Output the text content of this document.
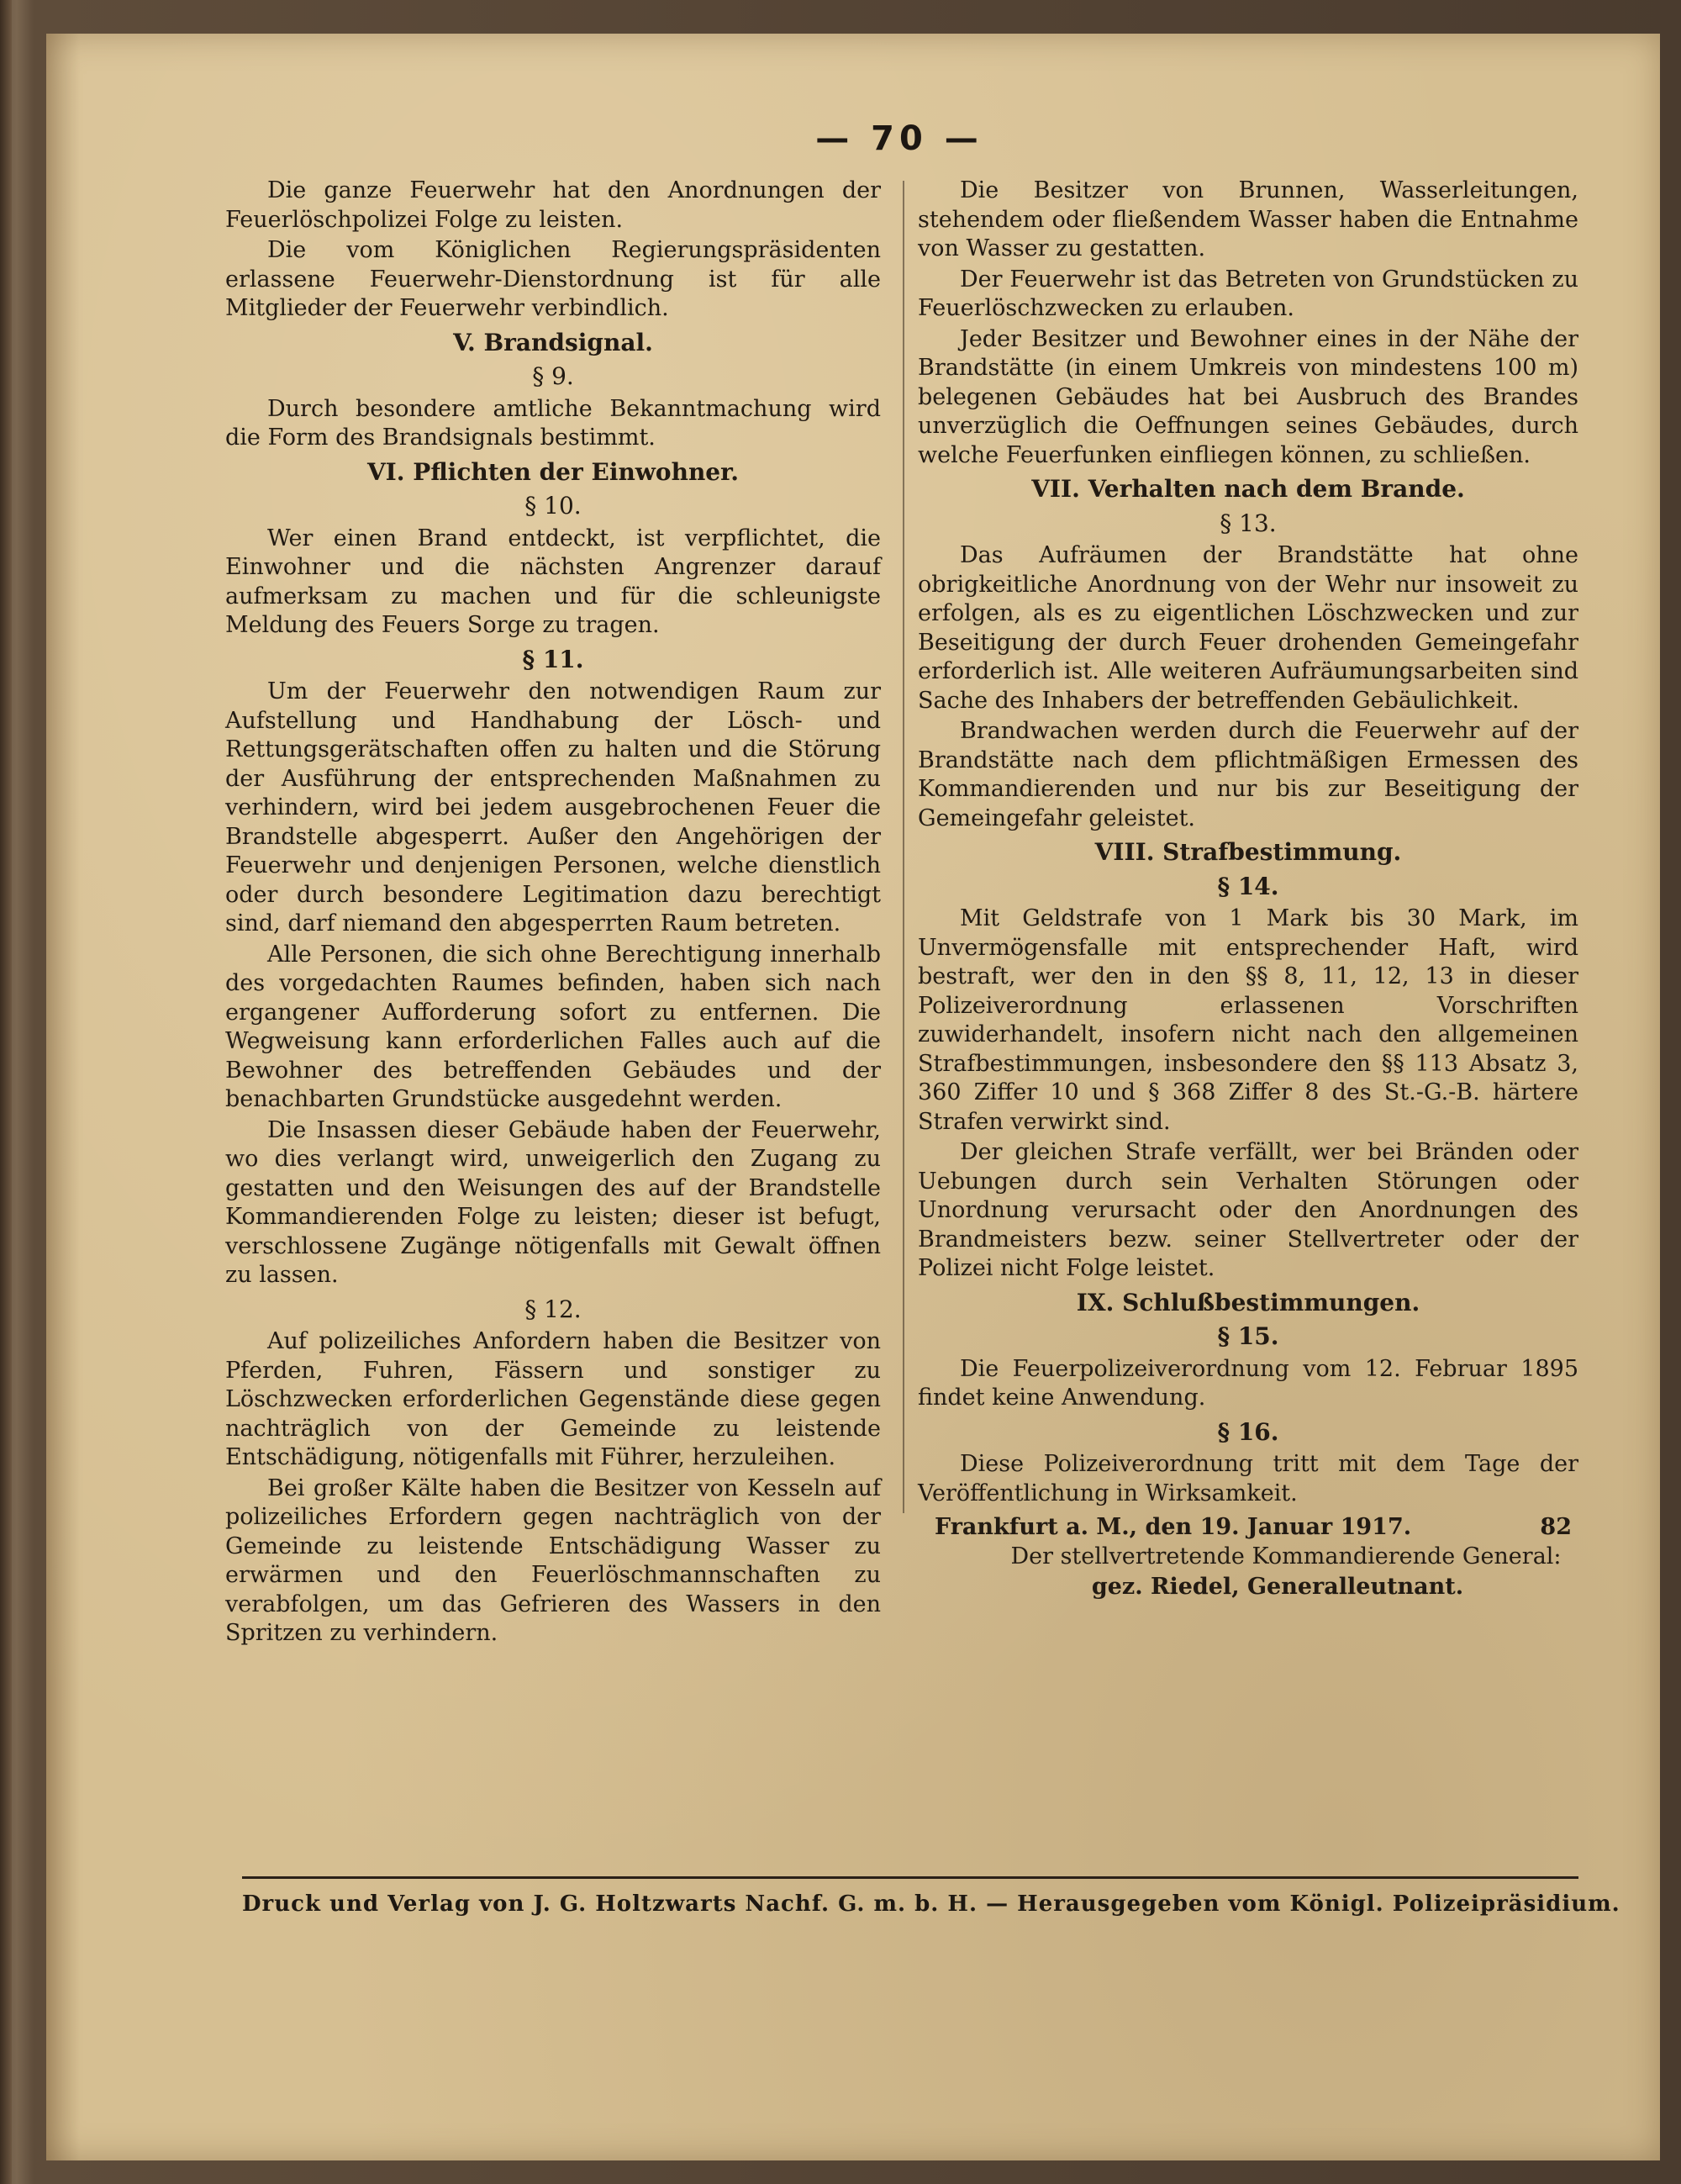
— 70 —

Die ganze Feuerwehr hat den Anordnungen der Feuerlöschpolizei Folge zu leisten.

Die vom Königlichen Regierungspräsidenten erlassene Feuerwehr-Dienstordnung ist für alle Mitglieder der Feuerwehr verbindlich.

V. Brandsignal.
§ 9.

Durch besondere amtliche Bekanntmachung wird die Form des Brandsignals bestimmt.

VI. Pflichten der Einwohner.
§ 10.

Wer einen Brand entdeckt, ist verpflichtet, die Einwohner und die nächsten Angrenzer darauf aufmerksam zu machen und für die schleunigste Meldung des Feuers Sorge zu tragen.

§ 11.

Um der Feuerwehr den notwendigen Raum zur Aufstellung und Handhabung der Lösch- und Rettungsgerätschaften offen zu halten und die Störung der Ausführung der entsprechenden Maßnahmen zu verhindern, wird bei jedem ausgebrochenen Feuer die Brandstelle abgesperrt. Außer den Angehörigen der Feuerwehr und denjenigen Personen, welche dienstlich oder durch besondere Legitimation dazu berechtigt sind, darf niemand den abgesperrten Raum betreten.

Alle Personen, die sich ohne Berechtigung innerhalb des vorgedachten Raumes befinden, haben sich nach ergangener Aufforderung sofort zu entfernen. Die Wegweisung kann erforderlichen Falles auch auf die Bewohner des betreffenden Gebäudes und der benachbarten Grundstücke ausgedehnt werden.

Die Insassen dieser Gebäude haben der Feuerwehr, wo dies verlangt wird, unweigerlich den Zugang zu gestatten und den Weisungen des auf der Brandstelle Kommandierenden Folge zu leisten; dieser ist befugt, verschlossene Zugänge nötigenfalls mit Gewalt öffnen zu lassen.

§ 12.

Auf polizeiliches Anfordern haben die Besitzer von Pferden, Fuhren, Fässern und sonstiger zu Löschzwecken erforderlichen Gegenstände diese gegen nachträglich von der Gemeinde zu leistende Entschädigung, nötigenfalls mit Führer, herzuleihen.

Bei großer Kälte haben die Besitzer von Kesseln auf polizeiliches Erfordern gegen nachträglich von der Gemeinde zu leistende Entschädigung Wasser zu erwärmen und den Feuerlöschmannschaften zu verabfolgen, um das Gefrieren des Wassers in den Spritzen zu verhindern.

Die Besitzer von Brunnen, Wasserleitungen, stehendem oder fließendem Wasser haben die Entnahme von Wasser zu gestatten.

Der Feuerwehr ist das Betreten von Grundstücken zu Feuerlöschzwecken zu erlauben.

Jeder Besitzer und Bewohner eines in der Nähe der Brandstätte (in einem Umkreis von mindestens 100 m) belegenen Gebäudes hat bei Ausbruch des Brandes unverzüglich die Oeffnungen seines Gebäudes, durch welche Feuerfunken einfliegen können, zu schließen.

VII. Verhalten nach dem Brande.
§ 13.

Das Aufräumen der Brandstätte hat ohne obrigkeitliche Anordnung von der Wehr nur insoweit zu erfolgen, als es zu eigentlichen Löschzwecken und zur Beseitigung der durch Feuer drohenden Gemeingefahr erforderlich ist. Alle weiteren Aufräumungsarbeiten sind Sache des Inhabers der betreffenden Gebäulichkeit.

Brandwachen werden durch die Feuerwehr auf der Brandstätte nach dem pflichtmäßigen Ermessen des Kommandierenden und nur bis zur Beseitigung der Gemeingefahr geleistet.

VIII. Strafbestimmung.
§ 14.

Mit Geldstrafe von 1 Mark bis 30 Mark, im Unvermögensfalle mit entsprechender Haft, wird bestraft, wer den in den §§ 8, 11, 12, 13 in dieser Polizeiverordnung erlassenen Vorschriften zuwiderhandelt, insofern nicht nach den allgemeinen Strafbestimmungen, insbesondere den §§ 113 Absatz 3, 360 Ziffer 10 und § 368 Ziffer 8 des St.-G.-B. härtere Strafen verwirkt sind.

Der gleichen Strafe verfällt, wer bei Bränden oder Uebungen durch sein Verhalten Störungen oder Unordnung verursacht oder den Anordnungen des Brandmeisters bezw. seiner Stellvertreter oder der Polizei nicht Folge leistet.

IX. Schlußbestimmungen.
§ 15.

Die Feuerpolizeiverordnung vom 12. Februar 1895 findet keine Anwendung.

§ 16.

Diese Polizeiverordnung tritt mit dem Tage der Veröffentlichung in Wirksamkeit.

Frankfurt a. M., den 19. Januar 1917.	82

Der stellvertretende Kommandierende General:

gez. Riedel, Generalleutnant.

Druck und Verlag von J. G. Holtzwarts Nachf. G. m. b. H. — Herausgegeben vom Königl. Polizeipräsidium.
